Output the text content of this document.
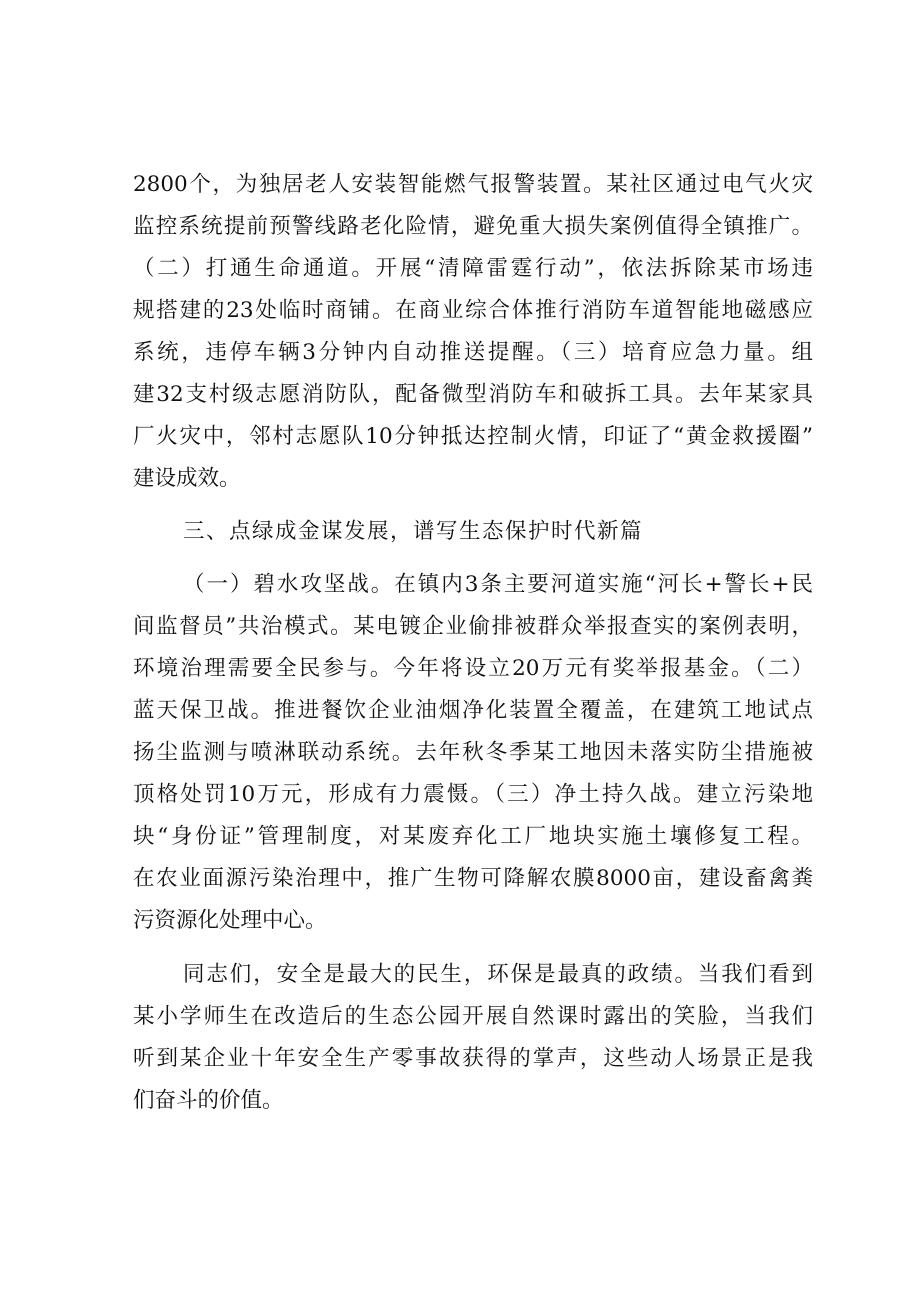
2800个，为独居老人安装智能燃气报警装置。某社区通过电气火灾
监控系统提前预警线路老化险情，避免重大损失案例值得全镇推广。
（二）打通生命通道。开展“清障雷霆行动”，依法拆除某市场违
规搭建的23处临时商铺。在商业综合体推行消防车道智能地磁感应
系统，违停车辆3分钟内自动推送提醒。（三）培育应急力量。组
建32支村级志愿消防队，配备微型消防车和破拆工具。去年某家具
厂火灾中，邻村志愿队10分钟抵达控制火情，印证了“黄金救援圈”
建设成效。
三、点绿成金谋发展，谱写生态保护时代新篇
（一）碧水攻坚战。在镇内3条主要河道实施“河长+警长+民
间监督员”共治模式。某电镀企业偷排被群众举报查实的案例表明，
环境治理需要全民参与。今年将设立20万元有奖举报基金。（二）
蓝天保卫战。推进餐饮企业油烟净化装置全覆盖，在建筑工地试点
扬尘监测与喷淋联动系统。去年秋冬季某工地因未落实防尘措施被
顶格处罚10万元，形成有力震慑。（三）净土持久战。建立污染地
块“身份证”管理制度，对某废弃化工厂地块实施土壤修复工程。
在农业面源污染治理中，推广生物可降解农膜8000亩，建设畜禽粪
污资源化处理中心。
同志们，安全是最大的民生，环保是最真的政绩。当我们看到
某小学师生在改造后的生态公园开展自然课时露出的笑脸，当我们
听到某企业十年安全生产零事故获得的掌声，这些动人场景正是我
们奋斗的价值。
